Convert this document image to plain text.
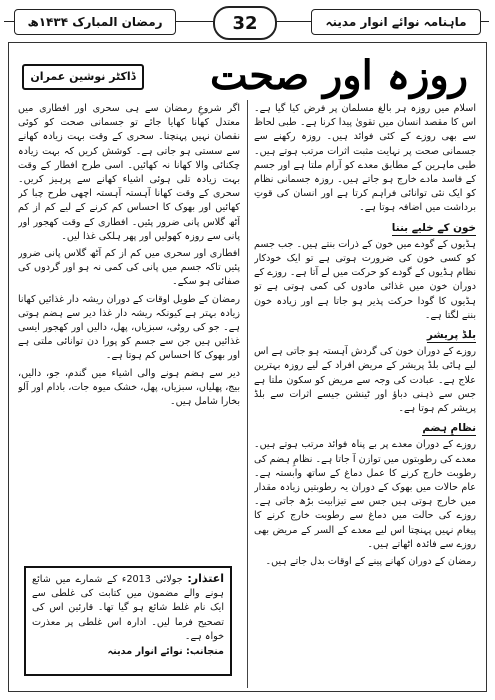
ماہنامہ نوائے انوار مدینہ
32
رمضان المبارک ۱۴۳۴ھ
روزہ اور صحت
ڈاکٹر نوشین عمران

اسلام میں روزہ ہر بالغ مسلمان پر فرض کیا گیا ہے۔ اس کا مقصد انسان میں تقویٰ پیدا کرنا ہے۔ طبی لحاظ سے بھی روزے کے کئی فوائد ہیں۔ روزہ رکھنے سے جسمانی صحت پر نہایت مثبت اثرات مرتب ہوتے ہیں۔ طبی ماہرین کے مطابق معدے کو آرام ملتا ہے اور جسم کے فاسد مادے خارج ہو جاتے ہیں۔ روزہ جسمانی نظام کو ایک نئی توانائی فراہم کرتا ہے اور انسان کی قوتِ برداشت میں اضافہ ہوتا ہے۔

خون کے خلیے بننا

ہڈیوں کے گودے میں خون کے ذرات بنتے ہیں۔ جب جسم کو کسی خون کی ضرورت ہوتی ہے تو ایک خودکار نظام ہڈیوں کے گودے کو حرکت میں لے آتا ہے۔ روزے کے دوران خون میں غذائی مادوں کی کمی ہوتی ہے تو ہڈیوں کا گودا حرکت پذیر ہو جاتا ہے اور زیادہ خون بننے لگتا ہے۔

بلڈ پریشر

روزے کے دوران خون کی گردش آہستہ ہو جاتی ہے اس لیے ہائی بلڈ پریشر کے مریض افراد کے لیے روزہ بہترین علاج ہے۔ عبادت کی وجہ سے مریض کو سکون ملتا ہے جس سے ذہنی دباؤ اور ٹینشن جیسے اثرات سے بلڈ پریشر کم ہوتا ہے۔

نظامِ ہضم

روزے کے دوران معدے پر بے پناہ فوائد مرتب ہوتے ہیں۔ معدے کی رطوبتوں میں توازن آ جاتا ہے۔ نظامِ ہضم کی رطوبت خارج کرنے کا عمل دماغ کے ساتھ وابستہ ہے۔ عام حالات میں بھوک کے دوران یہ رطوبتیں زیادہ مقدار میں خارج ہوتی ہیں جس سے تیزابیت بڑھ جاتی ہے۔ روزے کی حالت میں دماغ سے رطوبت خارج کرنے کا پیغام نہیں پہنچتا اس لیے معدے کے السر کے مریض بھی روزے سے فائدہ اٹھاتے ہیں۔

رمضان کے دوران کھانے پینے کے اوقات بدل جاتے ہیں۔

اگر شروعِ رمضان سے ہی سحری اور افطاری میں معتدل کھانا کھایا جائے تو جسمانی صحت کو کوئی نقصان نہیں پہنچتا۔ سحری کے وقت بہت زیادہ کھانے سے سستی ہو جاتی ہے۔ کوشش کریں کہ بہت زیادہ چکنائی والا کھانا نہ کھائیں۔ اسی طرح افطار کے وقت بہت زیادہ تلی ہوئی اشیاء کھانے سے پرہیز کریں۔ سحری کے وقت کھانا آہستہ آہستہ اچھی طرح چبا کر کھائیں اور بھوک کا احساس کم کرنے کے لیے کم از کم آٹھ گلاس پانی ضرور پئیں۔ افطاری کے وقت کھجور اور پانی سے روزہ کھولیں اور پھر ہلکی غذا لیں۔

افطاری اور سحری میں کم از کم آٹھ گلاس پانی ضرور پئیں تاکہ جسم میں پانی کی کمی نہ ہو اور گردوں کی صفائی ہو سکے۔

رمضان کے طویل اوقات کے دوران ریشہ دار غذائیں کھانا زیادہ بہتر ہے کیونکہ ریشہ دار غذا دیر سے ہضم ہوتی ہے۔ جو کی روٹی، سبزیاں، پھل، دالیں اور کھجور ایسی غذائیں ہیں جن سے جسم کو پورا دن توانائی ملتی ہے اور بھوک کا احساس کم ہوتا ہے۔

دیر سے ہضم ہونے والی اشیاء میں گندم، جو، دالیں، بیج، پھلیاں، سبزیاں، پھل، خشک میوہ جات، بادام اور آلو بخارا شامل ہیں۔

اعتذار: جولائی 2013ء کے شمارے میں شائع ہونے والے مضمون میں کتابت کی غلطی سے ایک نام غلط شائع ہو گیا تھا۔ قارئین اس کی تصحیح فرما لیں۔ ادارہ اس غلطی پر معذرت خواہ ہے۔
منجانب: نوائے انوار مدینہ
